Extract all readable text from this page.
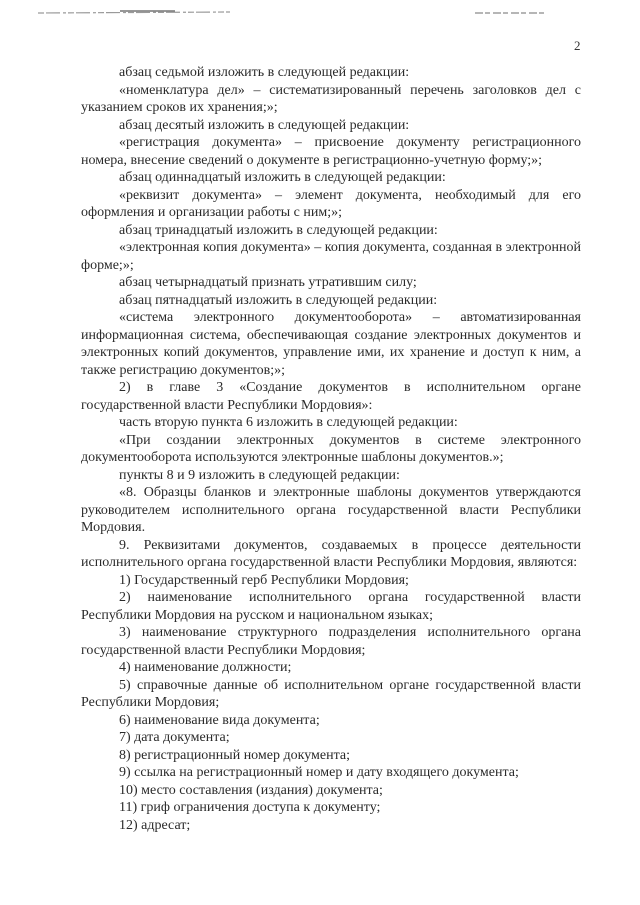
2

абзац седьмой изложить в следующей редакции:

«номенклатура дел» – систематизированный перечень заголовков дел с указанием сроков их хранения;»;

абзац десятый изложить в следующей редакции:

«регистрация документа» – присвоение документу регистрационного номера, внесение сведений о документе в регистрационно-учетную форму;»;

абзац одиннадцатый изложить в следующей редакции:

«реквизит документа» – элемент документа, необходимый для его оформления и организации работы с ним;»;

абзац тринадцатый изложить в следующей редакции:

«электронная копия документа» – копия документа, созданная в электронной форме;»;

абзац четырнадцатый признать утратившим силу;

абзац пятнадцатый изложить в следующей редакции:

«система электронного документооборота» – автоматизированная информационная система, обеспечивающая создание электронных документов и электронных копий документов, управление ими, их хранение и доступ к ним, а также регистрацию документов;»;

2) в главе 3 «Создание документов в исполнительном органе государственной власти Республики Мордовия»:

часть вторую пункта 6 изложить в следующей редакции:

«При создании электронных документов в системе электронного документооборота используются электронные шаблоны документов.»;

пункты 8 и 9 изложить в следующей редакции:

«8. Образцы бланков и электронные шаблоны документов утверждаются руководителем исполнительного органа государственной власти Республики Мордовия.

9. Реквизитами документов, создаваемых в процессе деятельности исполнительного органа государственной власти Республики Мордовия, являются:

1) Государственный герб Республики Мордовия;

2) наименование исполнительного органа государственной власти Республики Мордовия на русском и национальном языках;

3) наименование структурного подразделения исполнительного органа государственной власти Республики Мордовия;

4) наименование должности;

5) справочные данные об исполнительном органе государственной власти Республики Мордовия;

6) наименование вида документа;

7) дата документа;

8) регистрационный номер документа;

9) ссылка на регистрационный номер и дату входящего документа;

10) место составления (издания) документа;

11) гриф ограничения доступа к документу;

12) адресат;
